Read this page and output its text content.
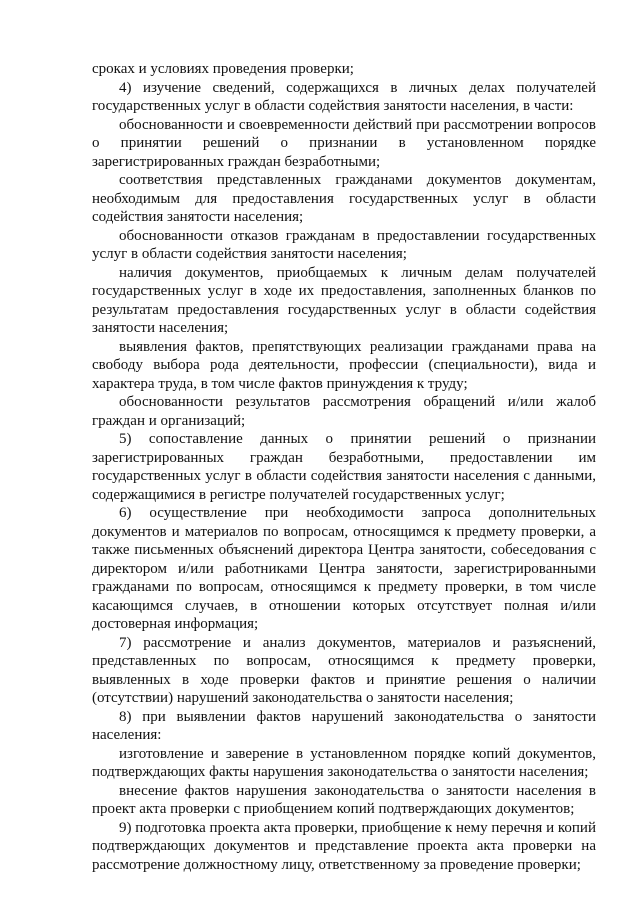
сроках и условиях проведения проверки;

4) изучение сведений, содержащихся в личных делах получателей государственных услуг в области содействия занятости населения, в части:

обоснованности и своевременности действий при рассмотрении вопросов о принятии решений о признании в установленном порядке зарегистрированных граждан безработными;

соответствия представленных гражданами документов документам, необходимым для предоставления государственных услуг в области содействия занятости населения;

обоснованности отказов гражданам в предоставлении государственных услуг в области содействия занятости населения;

наличия документов, приобщаемых к личным делам получателей государственных услуг в ходе их предоставления, заполненных бланков по результатам предоставления государственных услуг в области содействия занятости населения;

выявления фактов, препятствующих реализации гражданами права на свободу выбора рода деятельности, профессии (специальности), вида и характера труда, в том числе фактов принуждения к труду;

обоснованности результатов рассмотрения обращений и/или жалоб граждан и организаций;

5) сопоставление данных о принятии решений о признании зарегистрированных граждан безработными, предоставлении им государственных услуг в области содействия занятости населения с данными, содержащимися в регистре получателей государственных услуг;

6) осуществление при необходимости запроса дополнительных документов и материалов по вопросам, относящимся к предмету проверки, а также письменных объяснений директора Центра занятости, собеседования с директором и/или работниками Центра занятости, зарегистрированными гражданами по вопросам, относящимся к предмету проверки, в том числе касающимся случаев, в отношении которых отсутствует полная и/или достоверная информация;

7) рассмотрение и анализ документов, материалов и разъяснений, представленных по вопросам, относящимся к предмету проверки, выявленных в ходе проверки фактов и принятие решения о наличии (отсутствии) нарушений законодательства о занятости населения;

8) при выявлении фактов нарушений законодательства о занятости населения:

изготовление и заверение в установленном порядке копий документов, подтверждающих факты нарушения законодательства о занятости населения;

внесение фактов нарушения законодательства о занятости населения в проект акта проверки с приобщением копий подтверждающих документов;

9) подготовка проекта акта проверки, приобщение к нему перечня и копий подтверждающих документов и представление проекта акта проверки на рассмотрение должностному лицу, ответственному за проведение проверки;
